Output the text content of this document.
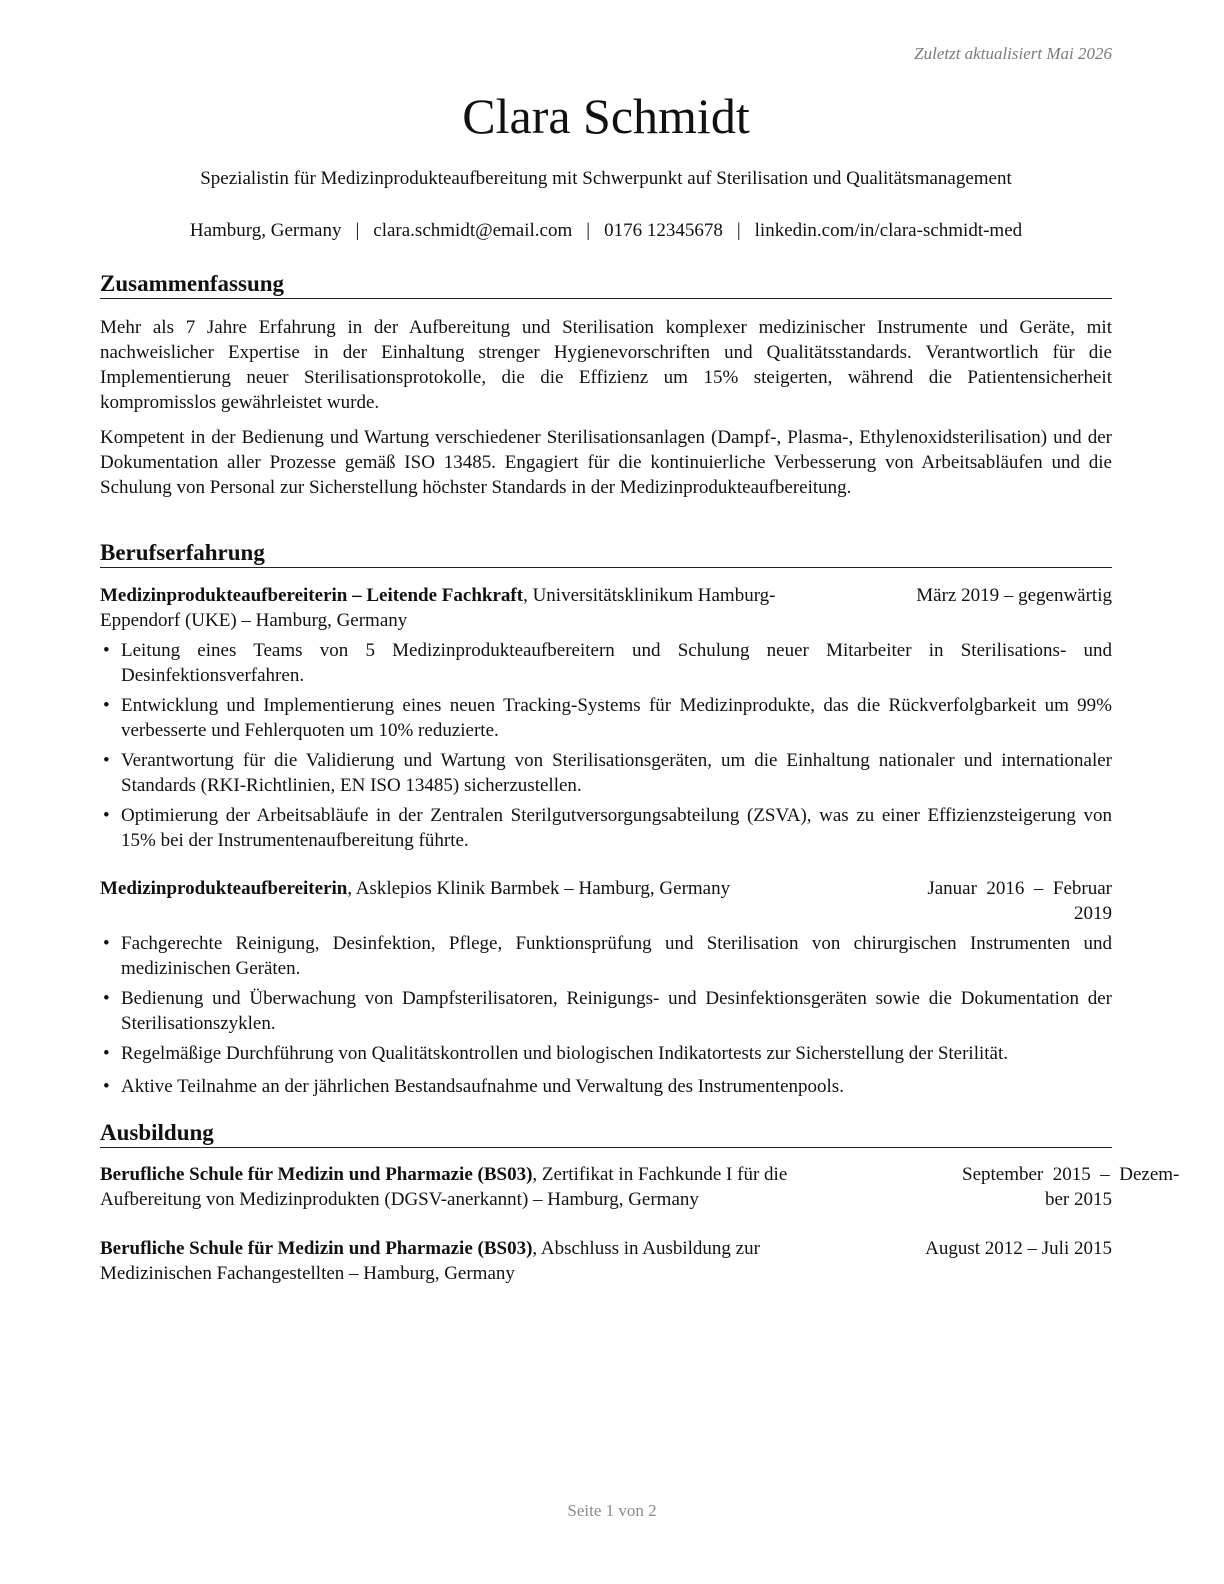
Zuletzt aktualisiert Mai 2026
Clara Schmidt
Spezialistin für Medizinprodukteaufbereitung mit Schwerpunkt auf Sterilisation und Qualitätsmanagement
Hamburg, Germany | clara.schmidt@email.com | 0176 12345678 | linkedin.com/in/clara-schmidt-med
Zusammenfassung
Mehr als 7 Jahre Erfahrung in der Aufbereitung und Sterilisation komplexer medizinischer Instrumente und Geräte, mit nachweislicher Expertise in der Einhaltung strenger Hygienevorschriften und Qualitätsstandards. Verantwortlich für die Implementierung neuer Sterilisationsprotokolle, die die Effizienz um 15% steigerten, während die Patientensicherheit kompromisslos gewährleistet wurde.
Kompetent in der Bedienung und Wartung verschiedener Sterilisationsanlagen (Dampf-, Plasma-, Ethylenoxidsterilisation) und der Dokumentation aller Prozesse gemäß ISO 13485. Engagiert für die kontinuierliche Verbesserung von Arbeitsabläufen und die Schulung von Personal zur Sicherstellung höchster Standards in der Medizinprodukteaufbereitung.
Berufserfahrung
Medizinprodukteaufbereiterin – Leitende Fachkraft, Universitätsklinikum Hamburg-
Eppendorf (UKE) – Hamburg, Germany
März 2019 – gegenwärtig
• Leitung eines Teams von 5 Medizinprodukteaufbereitern und Schulung neuer Mitarbeiter in Sterilisations- und Desinfektionsverfahren.
• Entwicklung und Implementierung eines neuen Tracking-Systems für Medizinprodukte, das die Rückverfolgbarkeit um 99% verbesserte und Fehlerquoten um 10% reduzierte.
• Verantwortung für die Validierung und Wartung von Sterilisationsgeräten, um die Einhaltung nationaler und internationaler Standards (RKI-Richtlinien, EN ISO 13485) sicherzustellen.
• Optimierung der Arbeitsabläufe in der Zentralen Sterilgutversorgungsabteilung (ZSVA), was zu einer Effizienzsteigerung von 15% bei der Instrumentenaufbereitung führte.
Medizinprodukteaufbereiterin, Asklepios Klinik Barmbek – Hamburg, Germany	Januar  2016  –  Februar
2019
• Fachgerechte Reinigung, Desinfektion, Pflege, Funktionsprüfung und Sterilisation von chirurgischen Instrumenten und medizinischen Geräten.
• Bedienung und Überwachung von Dampfsterilisatoren, Reinigungs- und Desinfektionsgeräten sowie die Dokumentation der Sterilisationszyklen.
• Regelmäßige Durchführung von Qualitätskontrollen und biologischen Indikatortests zur Sicherstellung der Sterilität.
• Aktive Teilnahme an der jährlichen Bestandsaufnahme und Verwaltung des Instrumentenpools.
Ausbildung
Berufliche Schule für Medizin und Pharmazie (BS03), Zertifikat in Fachkunde I für die
Aufbereitung von Medizinprodukten (DGSV-anerkannt) – Hamburg, Germany
September  2015  –  Dezem-
ber 2015
Berufliche Schule für Medizin und Pharmazie (BS03), Abschluss in Ausbildung zur
Medizinischen Fachangestellten – Hamburg, Germany
August 2012 – Juli 2015
Seite 1 von 2
